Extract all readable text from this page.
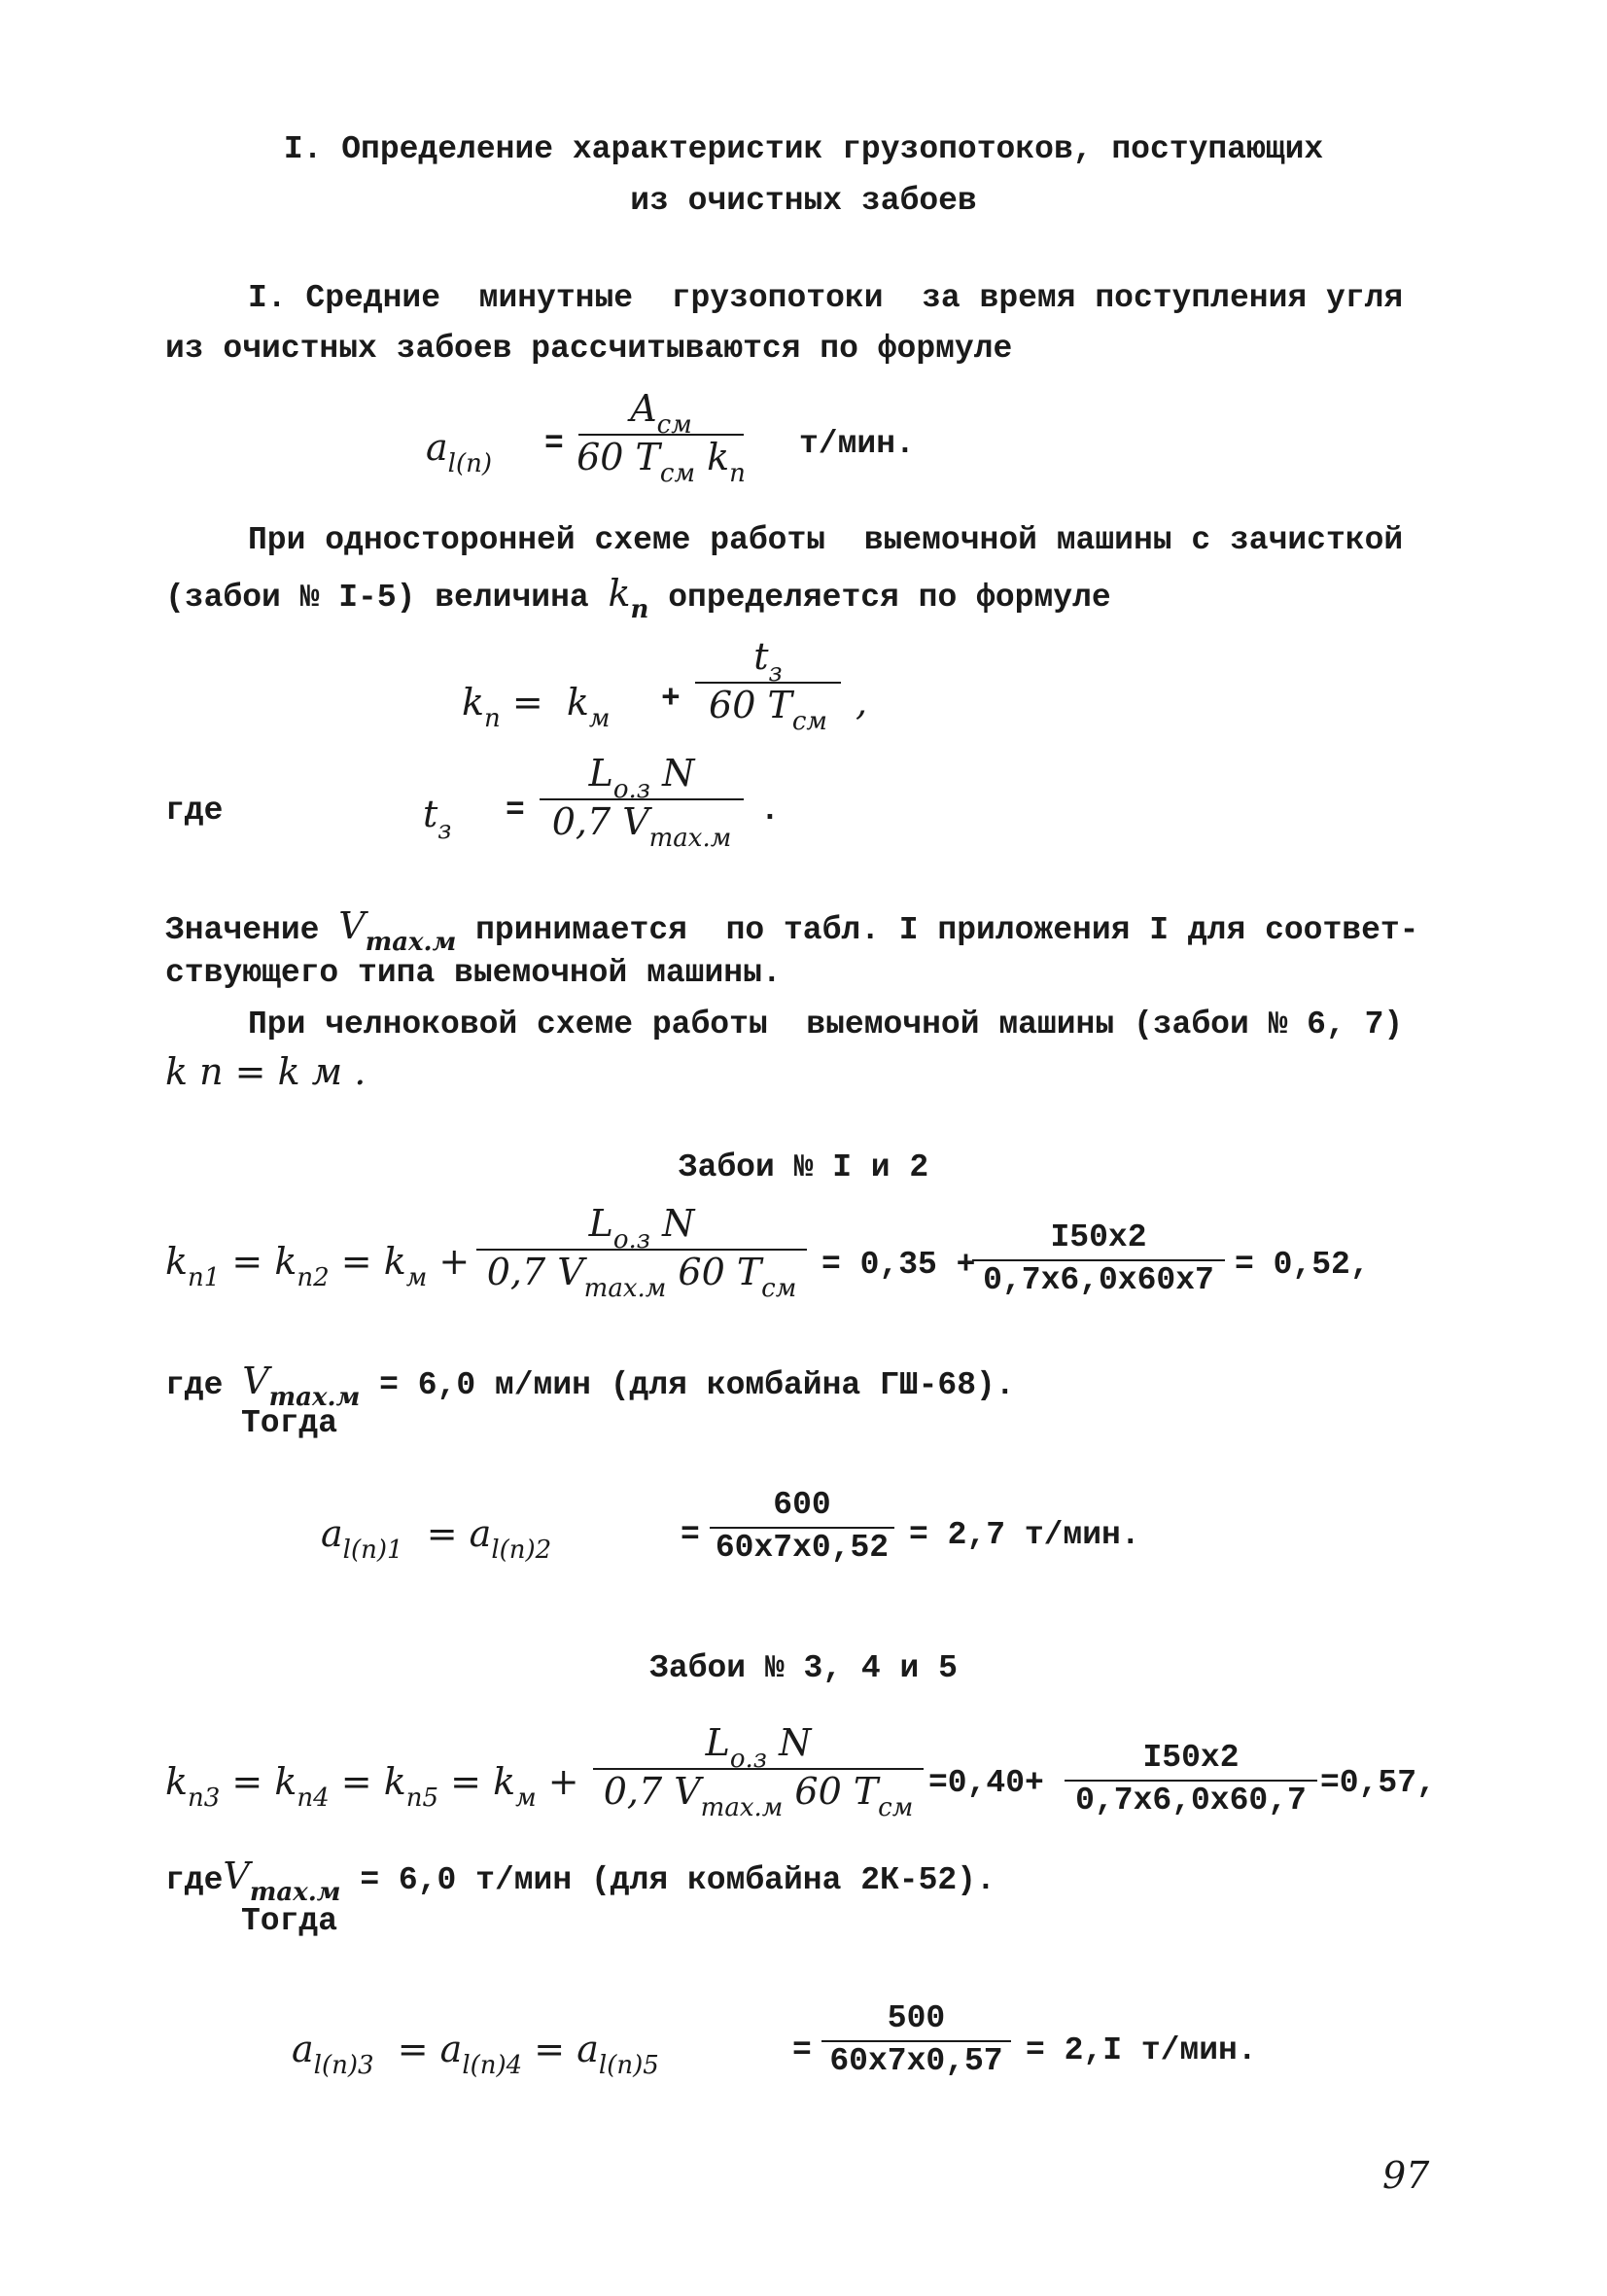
I. Определение характеристик грузопотоков, поступающих
из очистных забоев
I. Средние  минутные  грузопотоки  за время поступления угля
из очистных забоев рассчитываются по формуле
$a_{l(п)}$
=
$A_{см}$
60 $T_{см}$ $k_п$
т/мин.
При односторонней схеме работы  выемочной машины с зачисткой
(забои № I-5) величина $k_п$ определяется по формуле
$k_п = k_м$
+
$t_з$
60 $T_{см}$ ,
где	$t_з$
=
$L_{о.з}$ N
0,7 $V_{max.м}$
.
Значение $V_{max.м}$ принимается  по табл. I приложения I для соответ-
ствующего типа выемочной машины.
При челноковой схеме работы  выемочной машины (забои № 6, 7)
k п = k м .
Забои № I и 2
$k_{п1} = k_{п2} = k_м$ +
$L_{о.з}$ N
0,7 $V_{max.м}$ 60 $T_{см}$
= 0,35 +
I50x2
0,7x6,0x60x7 = 0,52,
где $V_{max.м} = 6,0$ м/мин (для комбайна ГШ-68).
Тогда
$a_{l(п)1} = a_{l(п)2}$	=
600
60x7x0,52 = 2,7 т/мин.
Забои № 3, 4 и 5
$k_{п3} = k_{п4} = k_{п5} = k_м$ +
$L_{о.з}$ N
0,7 $V_{max.м}$ 60 $T_{см}$
=0,40+
I50x2
0,7x6,0x60,7 =0,57,
гдеV$_{max.м}$ = 6,0 т/мин (для комбайна 2К-52).
Тогда
$a_{l(п)3} = a_{l(п)4} = a_{l(п)5}$	=
500
60x7x0,57 = 2,I т/мин.
97
